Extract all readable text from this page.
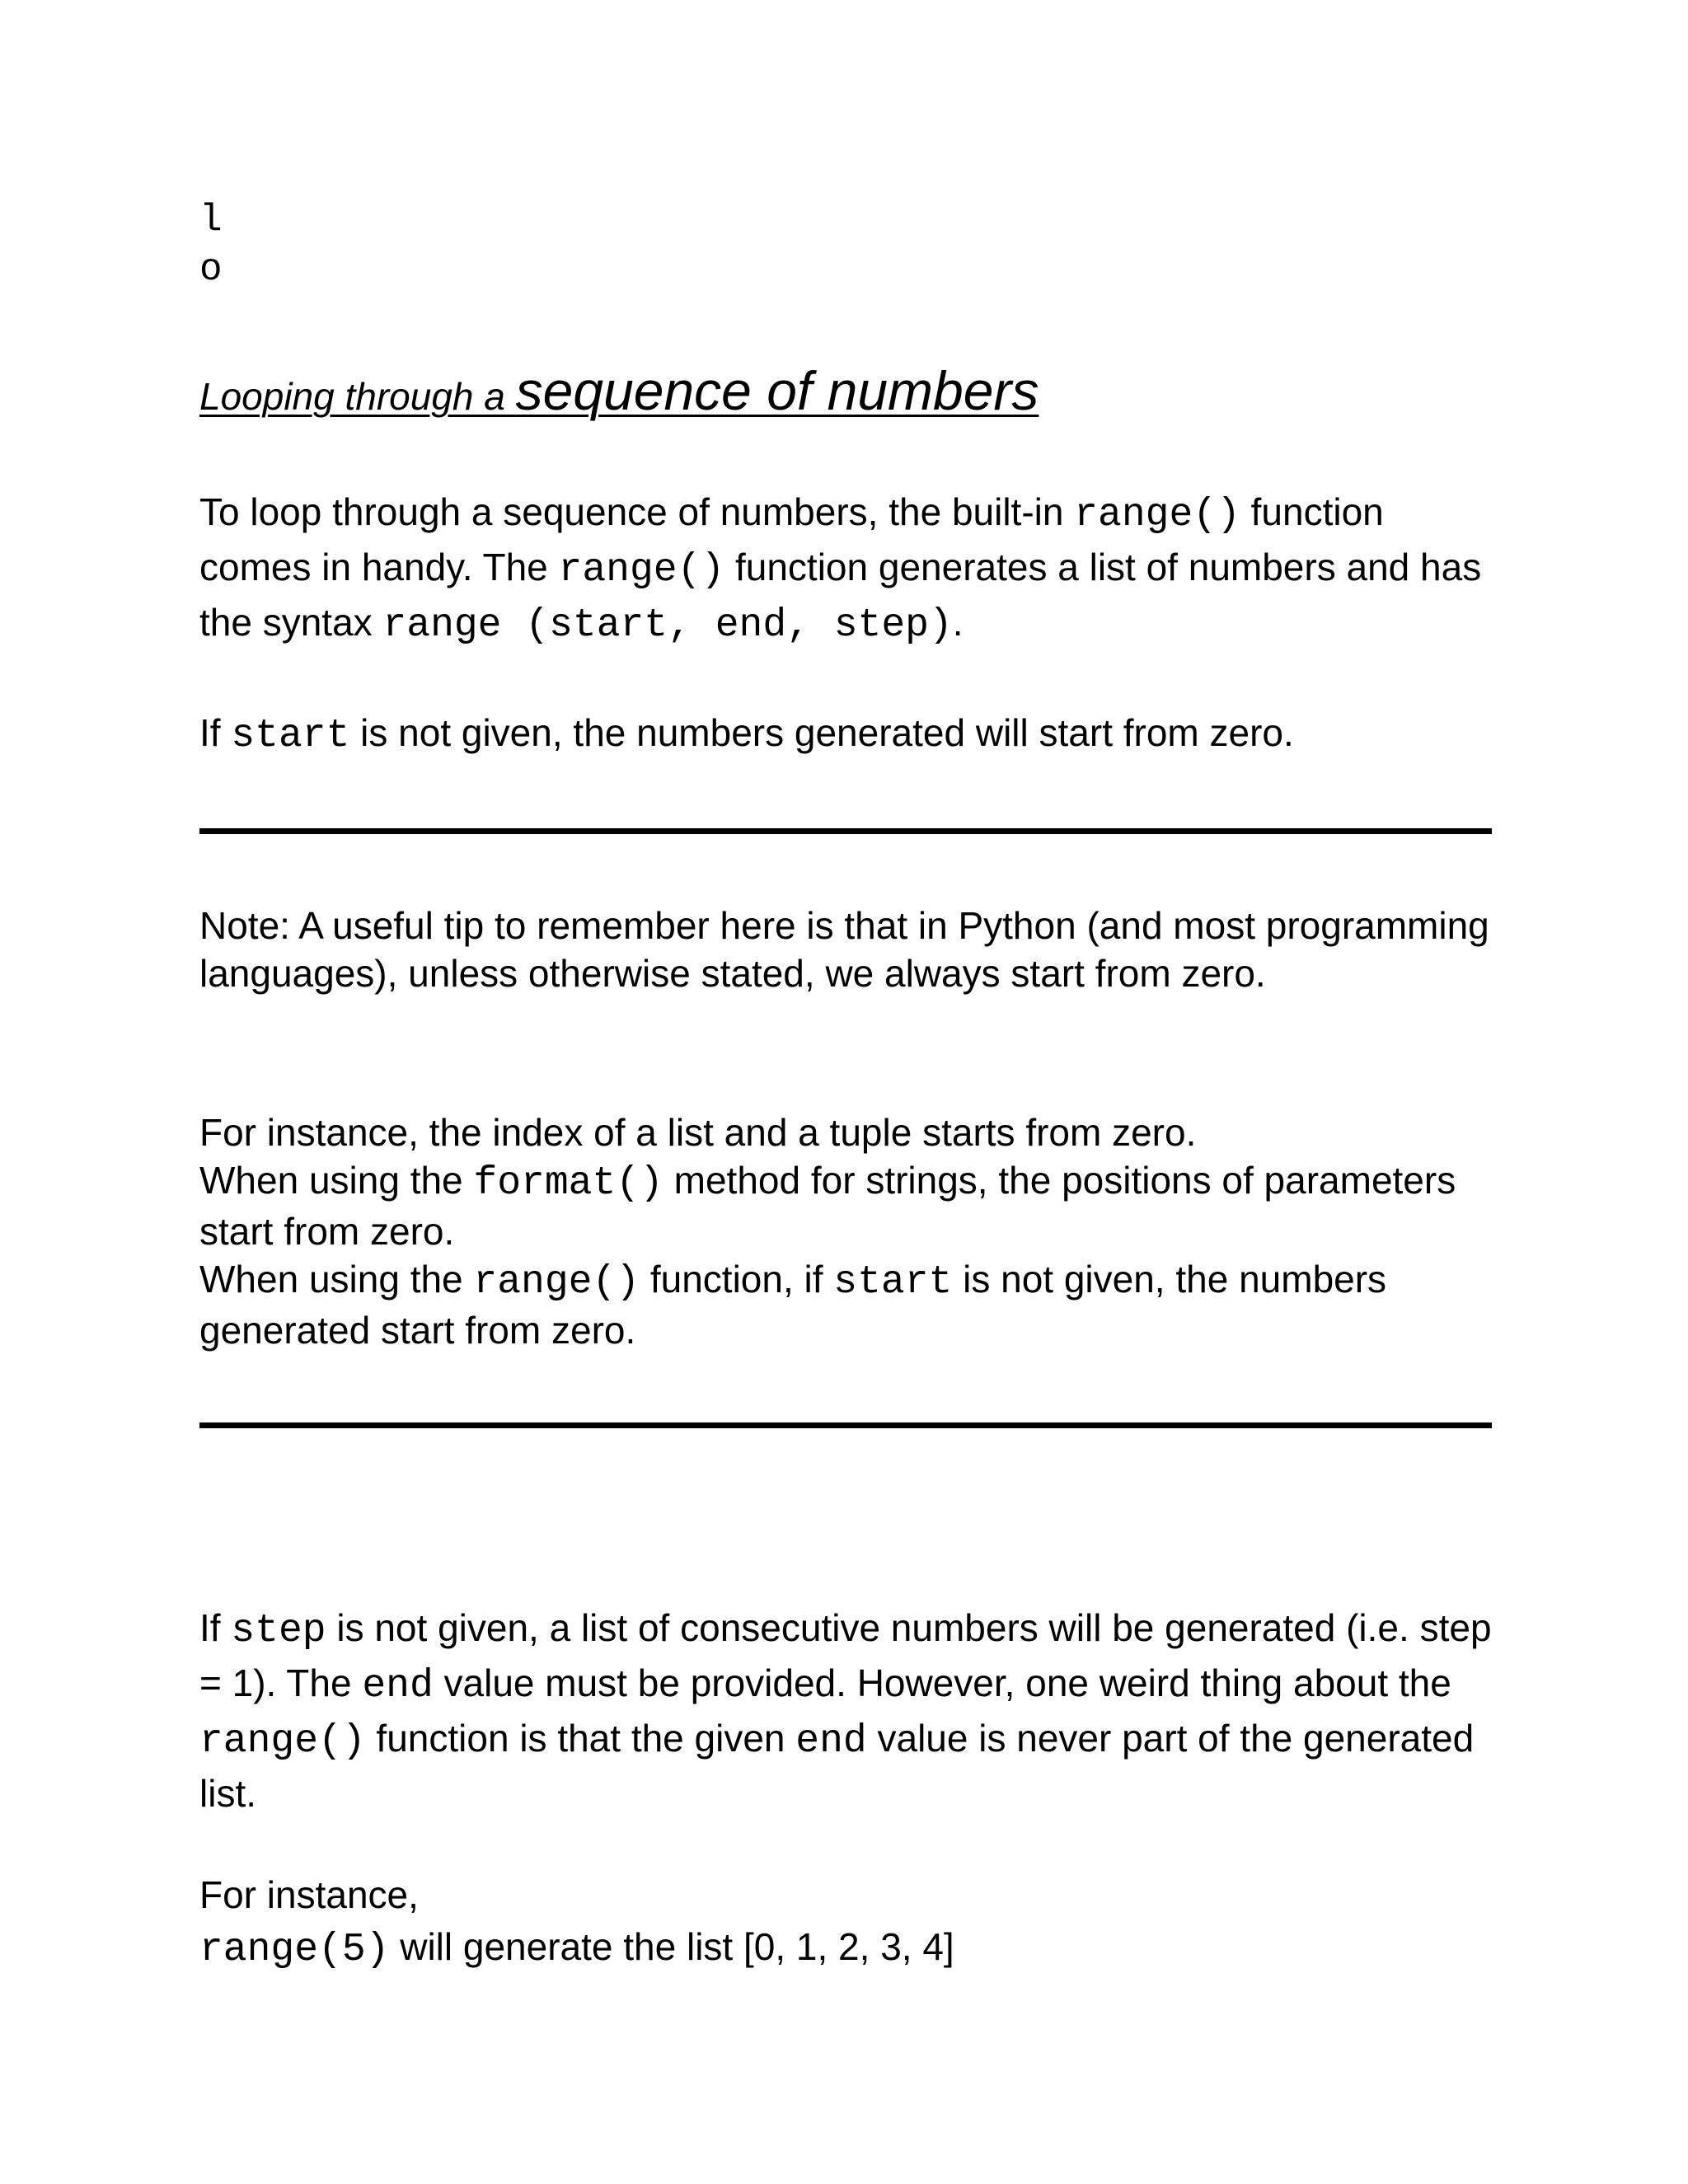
l
o
Looping through a sequence of numbers

To loop through a sequence of numbers, the built-in range() function comes in handy. The range() function generates a list of numbers and has the syntax range (start, end, step).

If start is not given, the numbers generated will start from zero.

Note: A useful tip to remember here is that in Python (and most programming languages), unless otherwise stated, we always start from zero.

For instance, the index of a list and a tuple starts from zero.
When using the format() method for strings, the positions of parameters start from zero.
When using the range() function, if start is not given, the numbers generated start from zero.

If step is not given, a list of consecutive numbers will be generated (i.e. step = 1). The end value must be provided. However, one weird thing about the range() function is that the given end value is never part of the generated list.

For instance,
range(5) will generate the list [0, 1, 2, 3, 4]
